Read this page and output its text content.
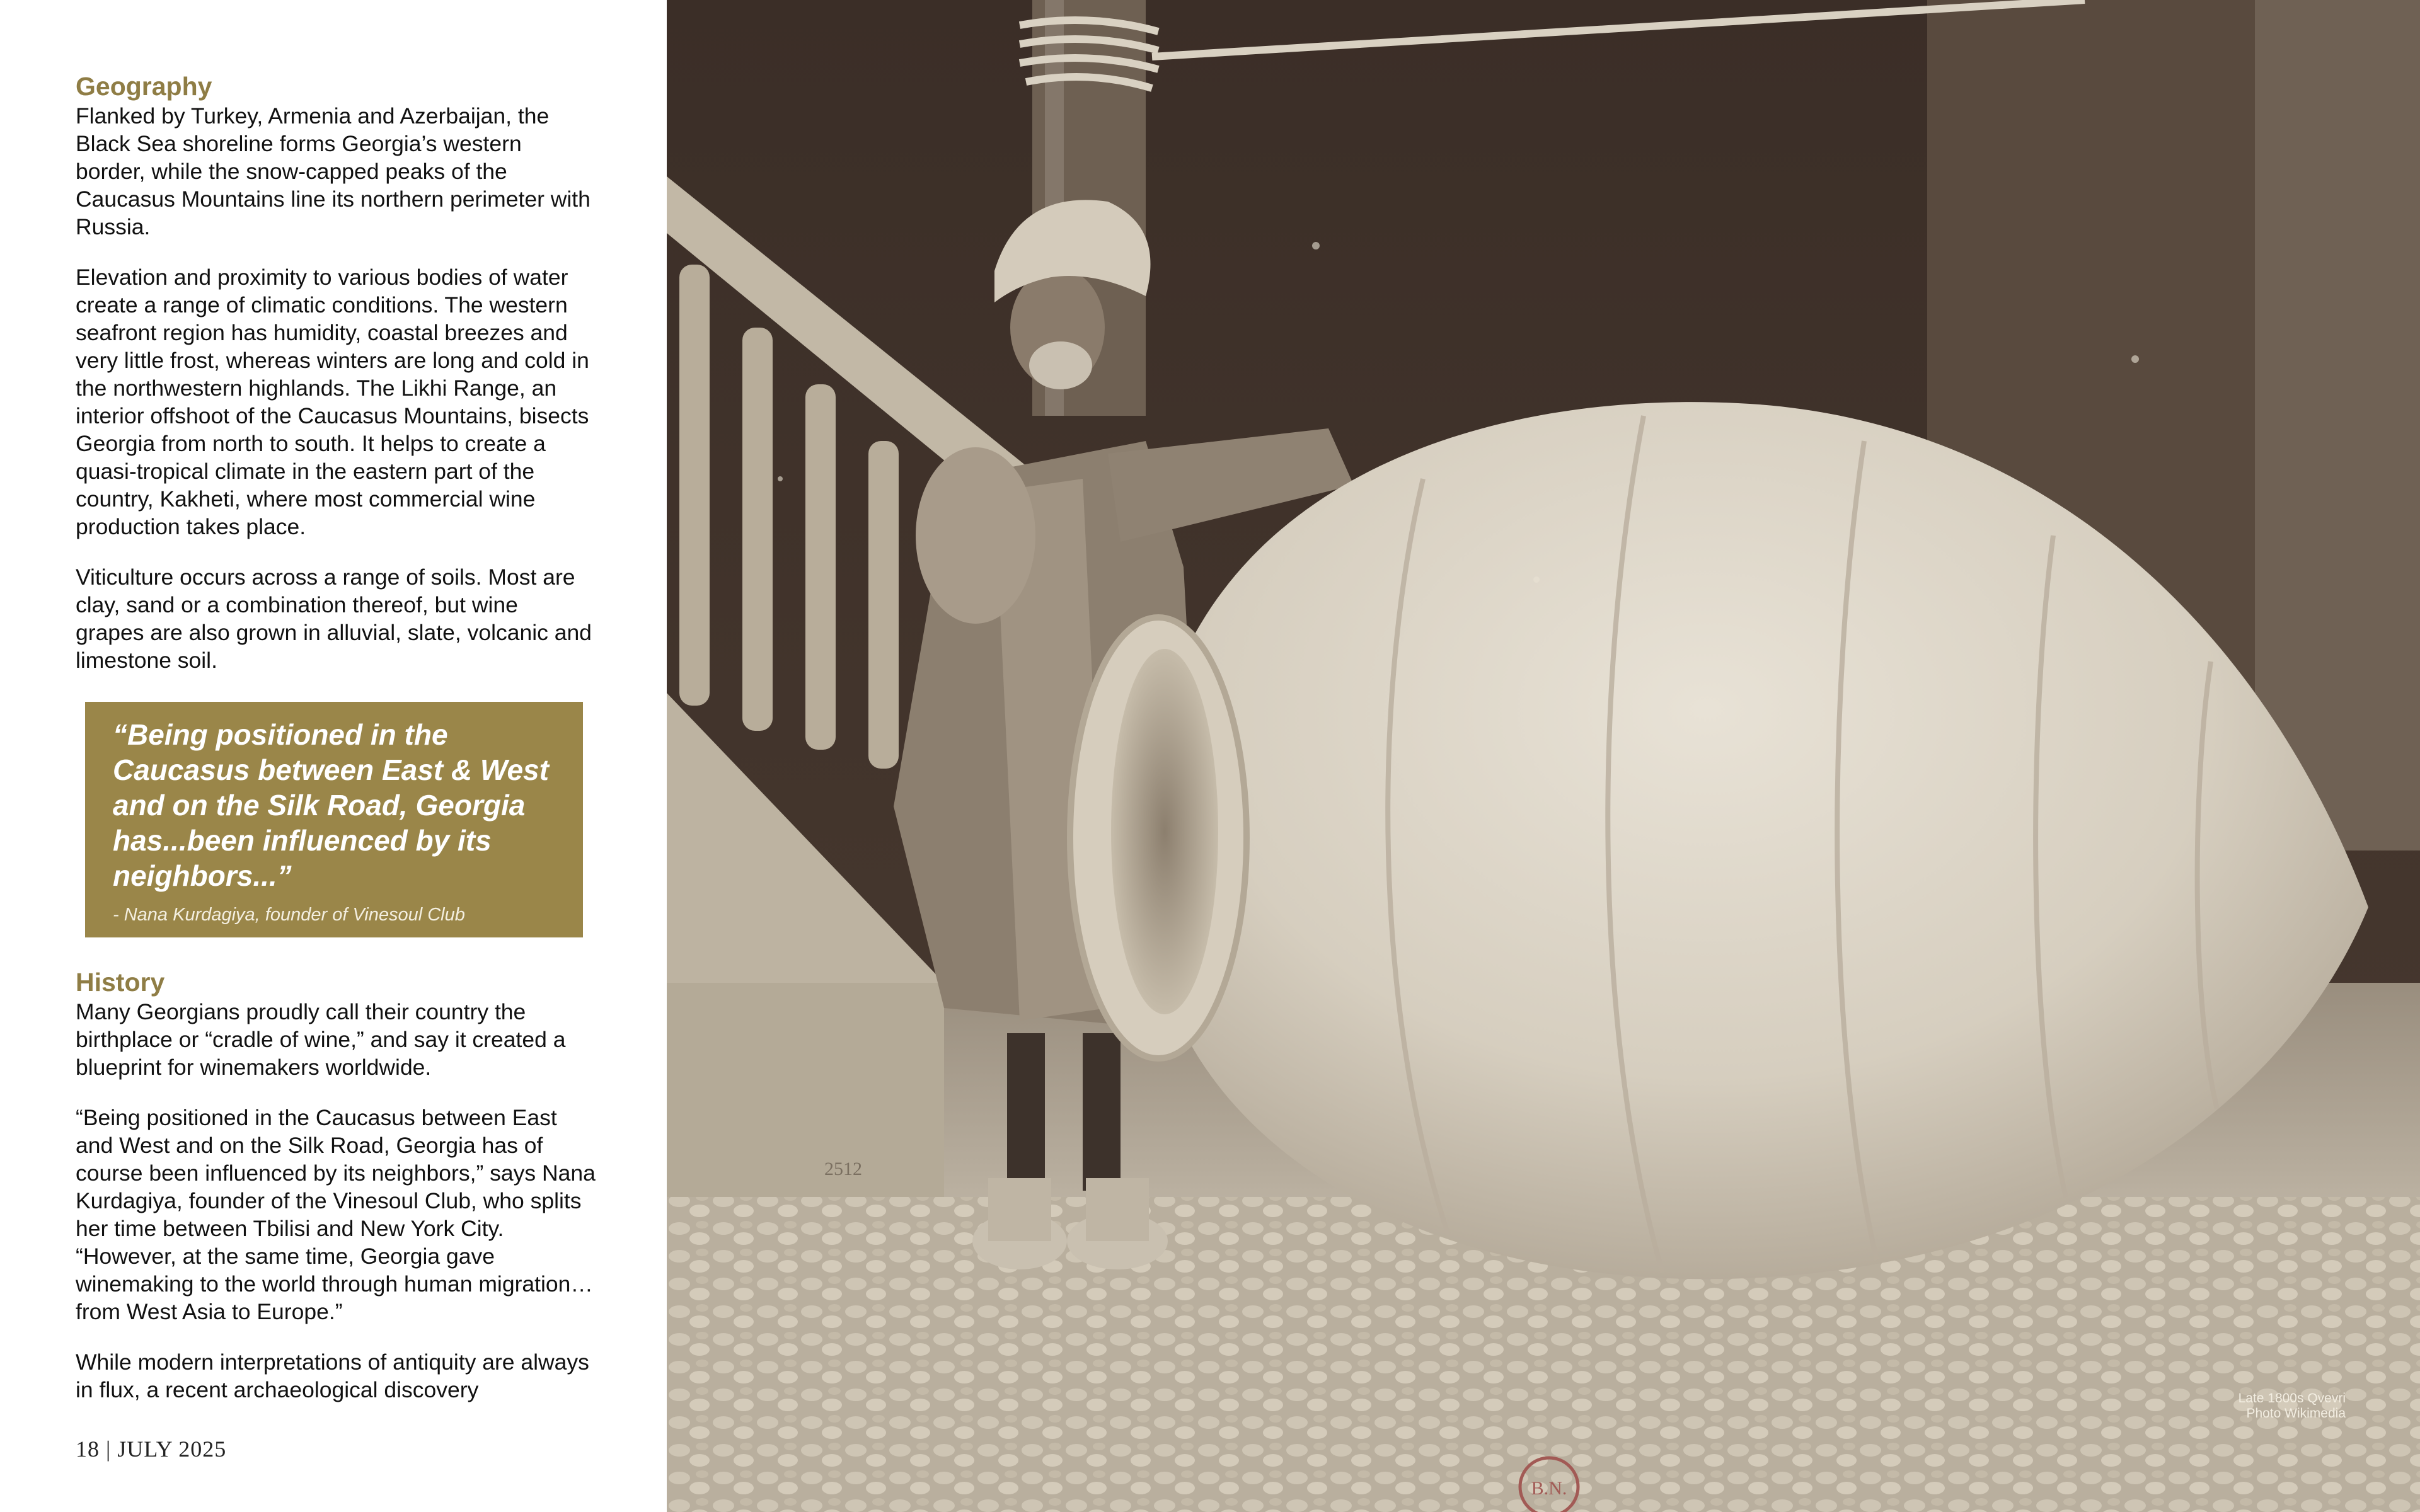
Geography

Flanked by Turkey, Armenia and Azerbaijan, the Black Sea shoreline forms Georgia’s western border, while the snow-capped peaks of the Caucasus Mountains line its northern perimeter with Russia.

Elevation and proximity to various bodies of water create a range of climatic conditions. The western seafront region has humidity, coastal breezes and very little frost, whereas winters are long and cold in the northwestern highlands. The Likhi Range, an interior offshoot of the Caucasus Mountains, bisects Georgia from north to south. It helps to create a quasi-tropical climate in the eastern part of the country, Kakheti, where most commercial wine production takes place.

Viticulture occurs across a range of soils. Most are clay, sand or a combination thereof, but wine grapes are also grown in alluvial, slate, volcanic and limestone soil.

“Being positioned in the Caucasus between East & West and on the Silk Road, Georgia has...been influenced by its neighbors...”
- Nana Kurdagiya, founder of Vinesoul Club
History

Many Georgians proudly call their country the birthplace or “cradle of wine,” and say it created a blueprint for winemakers worldwide.

“Being positioned in the Caucasus between East and West and on the Silk Road, Georgia has of course been influenced by its neighbors,” says Nana Kurdagiya, founder of the Vinesoul Club, who splits her time between Tbilisi and New York City. “However, at the same time, Georgia gave winemaking to the world through human migration… from West Asia to Europe.”

While modern interpretations of antiquity are always in flux, a recent archaeological discovery

18 | JULY 2025
2512
B.N.
Late 1800s Qvevri
Photo Wikimedia
